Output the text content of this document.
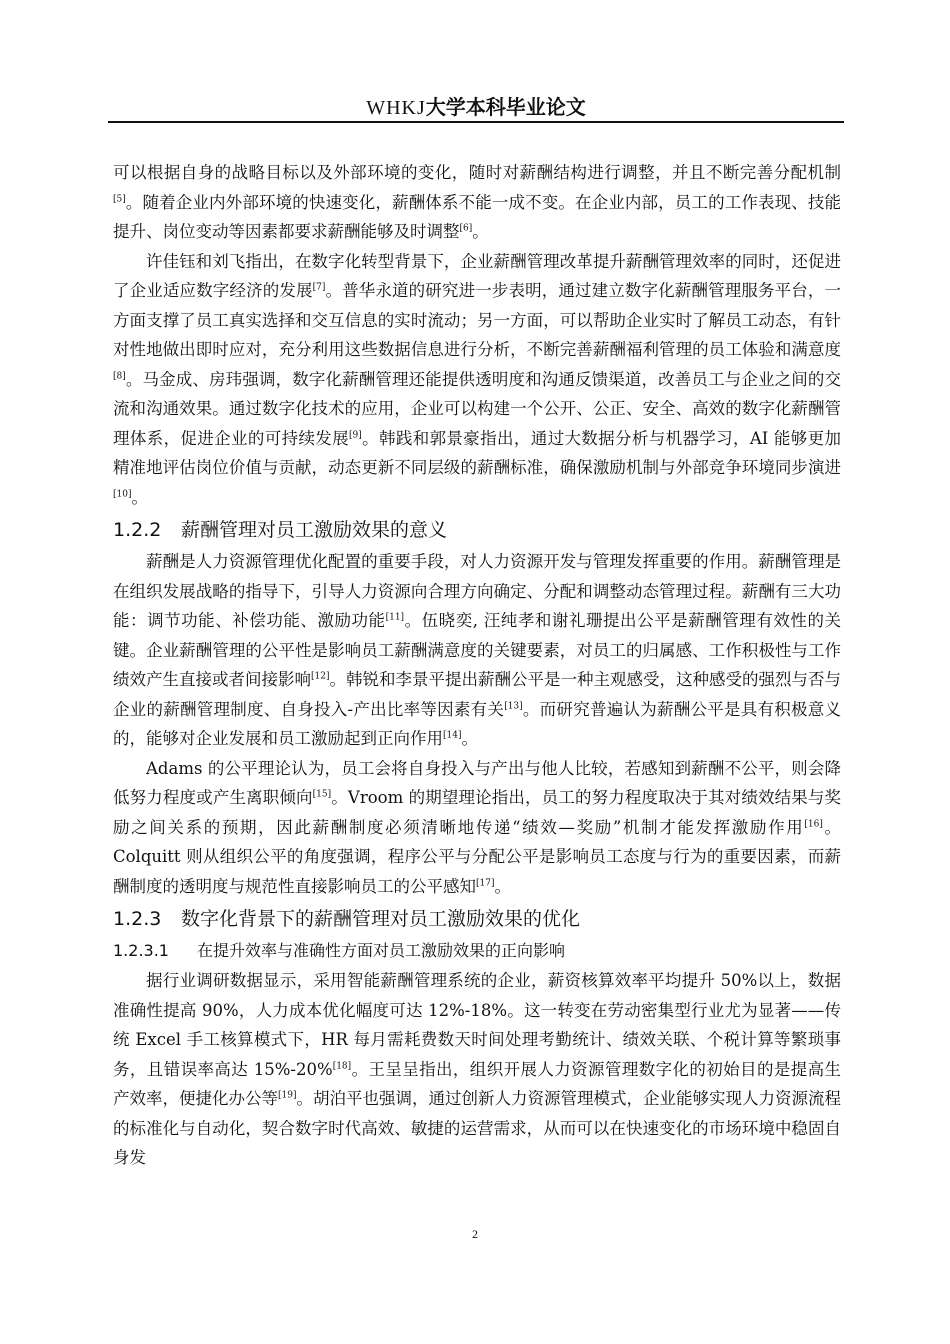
WHKJ大学本科毕业论文

可以根据自身的战略目标以及外部环境的变化，随时对薪酬结构进行调整，并且不断完善分配机制[5]。随着企业内外部环境的快速变化，薪酬体系不能一成不变。在企业内部，员工的工作表现、技能提升、岗位变动等因素都要求薪酬能够及时调整[6]。

许佳钰和刘飞指出，在数字化转型背景下，企业薪酬管理改革提升薪酬管理效率的同时，还促进了企业适应数字经济的发展[7]。普华永道的研究进一步表明，通过建立数字化薪酬管理服务平台，一方面支撑了员工真实选择和交互信息的实时流动；另一方面，可以帮助企业实时了解员工动态，有针对性地做出即时应对，充分利用这些数据信息进行分析，不断完善薪酬福利管理的员工体验和满意度[8]。马金成、房玮强调，数字化薪酬管理还能提供透明度和沟通反馈渠道，改善员工与企业之间的交流和沟通效果。通过数字化技术的应用，企业可以构建一个公开、公正、安全、高效的数字化薪酬管理体系，促进企业的可持续发展[9]。韩践和郭景豪指出，通过大数据分析与机器学习，AI 能够更加精准地评估岗位价值与贡献，动态更新不同层级的薪酬标准，确保激励机制与外部竞争环境同步演进[10]。

1.2.2 薪酬管理对员工激励效果的意义

薪酬是人力资源管理优化配置的重要手段，对人力资源开发与管理发挥重要的作用。薪酬管理是在组织发展战略的指导下，引导人力资源向合理方向确定、分配和调整动态管理过程。薪酬有三大功能：调节功能、补偿功能、激励功能[11]。伍晓奕, 汪纯孝和谢礼珊提出公平是薪酬管理有效性的关键。企业薪酬管理的公平性是影响员工薪酬满意度的关键要素，对员工的归属感、工作积极性与工作绩效产生直接或者间接影响[12]。韩锐和李景平提出薪酬公平是一种主观感受，这种感受的强烈与否与企业的薪酬管理制度、自身投入-产出比率等因素有关[13]。而研究普遍认为薪酬公平是具有积极意义的，能够对企业发展和员工激励起到正向作用[14]。

Adams 的公平理论认为，员工会将自身投入与产出与他人比较，若感知到薪酬不公平，则会降低努力程度或产生离职倾向[15]。Vroom 的期望理论指出，员工的努力程度取决于其对绩效结果与奖励之间关系的预期，因此薪酬制度必须清晰地传递“绩效—奖励”机制才能发挥激励作用[16]。Colquitt 则从组织公平的角度强调，程序公平与分配公平是影响员工态度与行为的重要因素，而薪酬制度的透明度与规范性直接影响员工的公平感知[17]。

1.2.3 数字化背景下的薪酬管理对员工激励效果的优化
1.2.3.1 在提升效率与准确性方面对员工激励效果的正向影响

据行业调研数据显示，采用智能薪酬管理系统的企业，薪资核算效率平均提升 50%以上，数据准确性提高 90%，人力成本优化幅度可达 12%-18%。这一转变在劳动密集型行业尤为显著——传统 Excel 手工核算模式下，HR 每月需耗费数天时间处理考勤统计、绩效关联、个税计算等繁琐事务，且错误率高达 15%-20%[18]。王呈呈指出，组织开展人力资源管理数字化的初始目的是提高生产效率，便捷化办公等[19]。胡泊平也强调，通过创新人力资源管理模式，企业能够实现人力资源流程的标准化与自动化，契合数字时代高效、敏捷的运营需求，从而可以在快速变化的市场环境中稳固自身发

2
